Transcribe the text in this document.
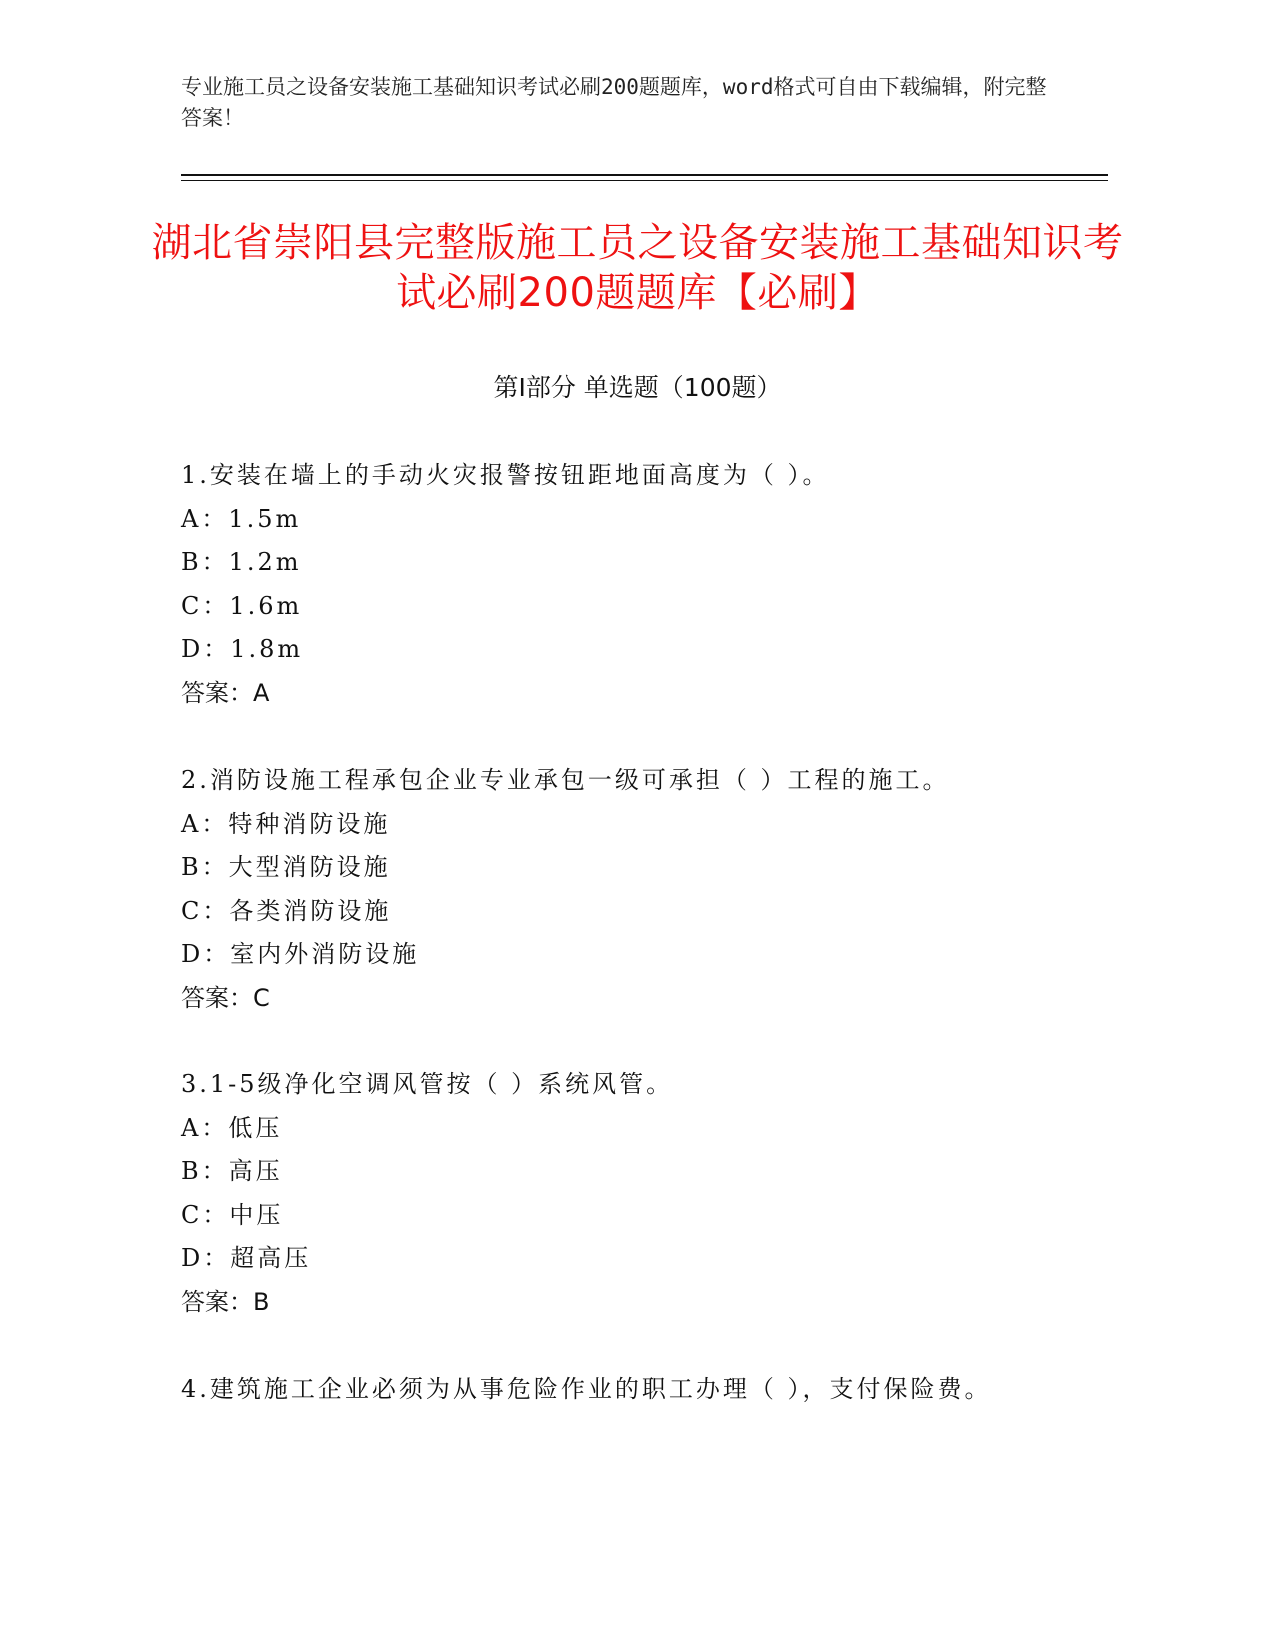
专业施工员之设备安装施工基础知识考试必刷200题题库，word格式可自由下载编辑，附完整答案！
湖北省崇阳县完整版施工员之设备安装施工基础知识考试必刷200题题库【必刷】
第Ⅰ部分 单选题（100题）
1.安装在墙上的手动火灾报警按钮距地面高度为（ ）。
A：1.5m
B：1.2m
C：1.6m
D：1.8m
答案：A
2.消防设施工程承包企业专业承包一级可承担（ ）工程的施工。
A：特种消防设施
B：大型消防设施
C：各类消防设施
D：室内外消防设施
答案：C
3.1-5级净化空调风管按（ ）系统风管。
A：低压
B：高压
C：中压
D：超高压
答案：B
4.建筑施工企业必须为从事危险作业的职工办理（ ），支付保险费。
